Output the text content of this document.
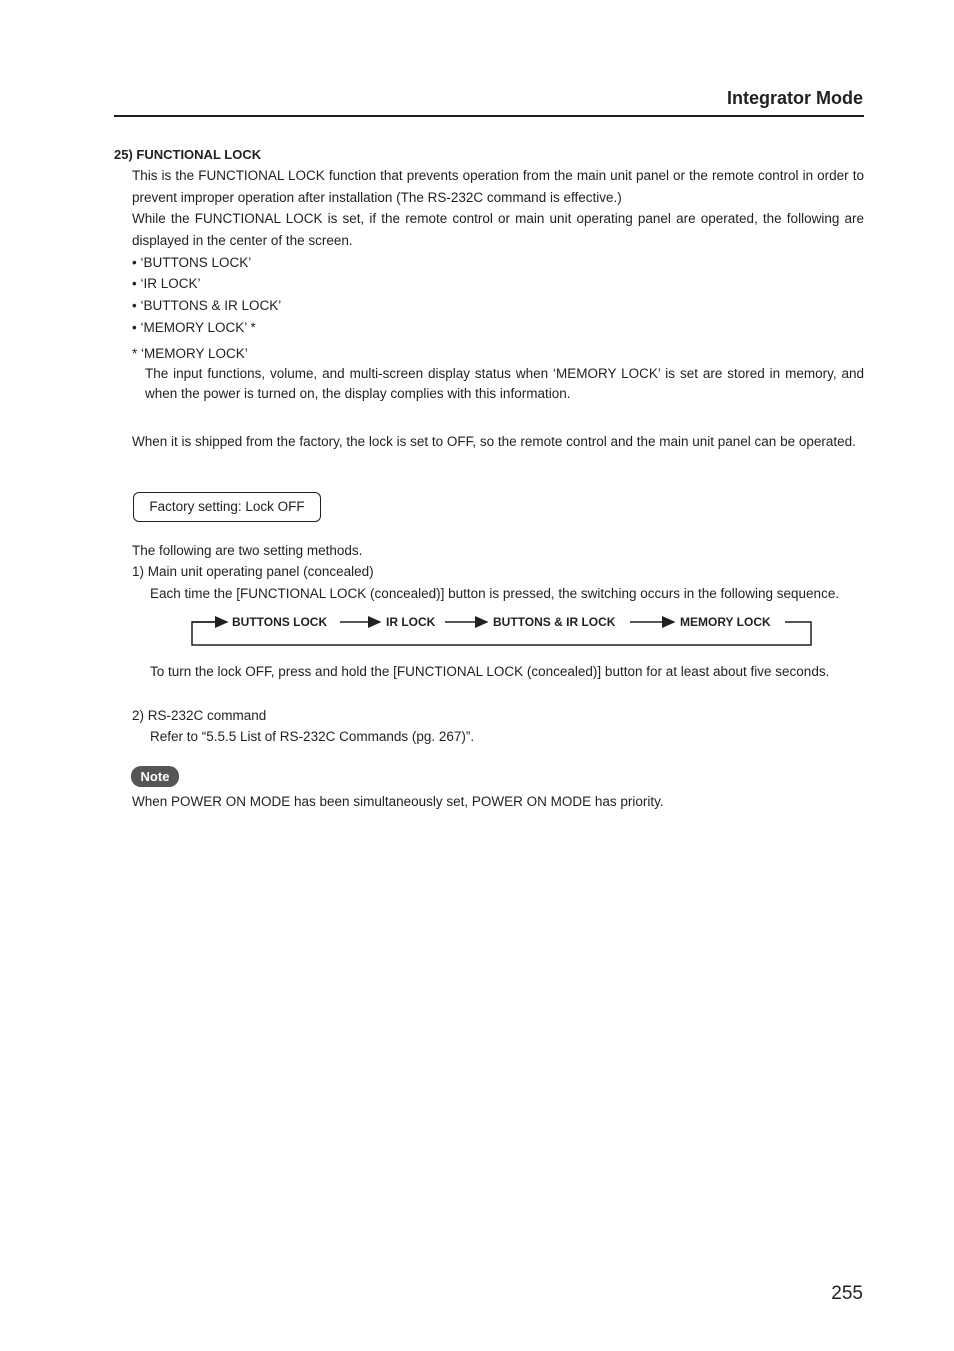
Integrator Mode
25) FUNCTIONAL LOCK
This is the FUNCTIONAL LOCK function that prevents operation from the main unit panel or the remote control in order to prevent improper operation after installation (The RS-232C command is effective.)
While the FUNCTIONAL LOCK is set, if the remote control or main unit operating panel are operated, the following are displayed in the center of the screen.
• ‘BUTTONS LOCK’
• ‘IR LOCK’
• ‘BUTTONS & IR LOCK’
• ‘MEMORY LOCK’ *
* ‘MEMORY LOCK’
The input functions, volume, and multi-screen display status when ‘MEMORY LOCK’ is set are stored in memory, and when the power is turned on, the display complies with this information.
When it is shipped from the factory, the lock is set to OFF, so the remote control and the main unit panel can be operated.
Factory setting: Lock OFF
The following are two setting methods.
1) Main unit operating panel (concealed)
Each time the [FUNCTIONAL LOCK (concealed)] button is pressed, the switching occurs in the following sequence.
BUTTONS LOCK	IR LOCK	BUTTONS & IR LOCK	MEMORY LOCK
To turn the lock OFF, press and hold the [FUNCTIONAL LOCK (concealed)] button for at least about five seconds.
2) RS-232C command
Refer to “5.5.5 List of RS-232C Commands (pg. 267)”.
Note
When POWER ON MODE has been simultaneously set, POWER ON MODE has priority.
255
